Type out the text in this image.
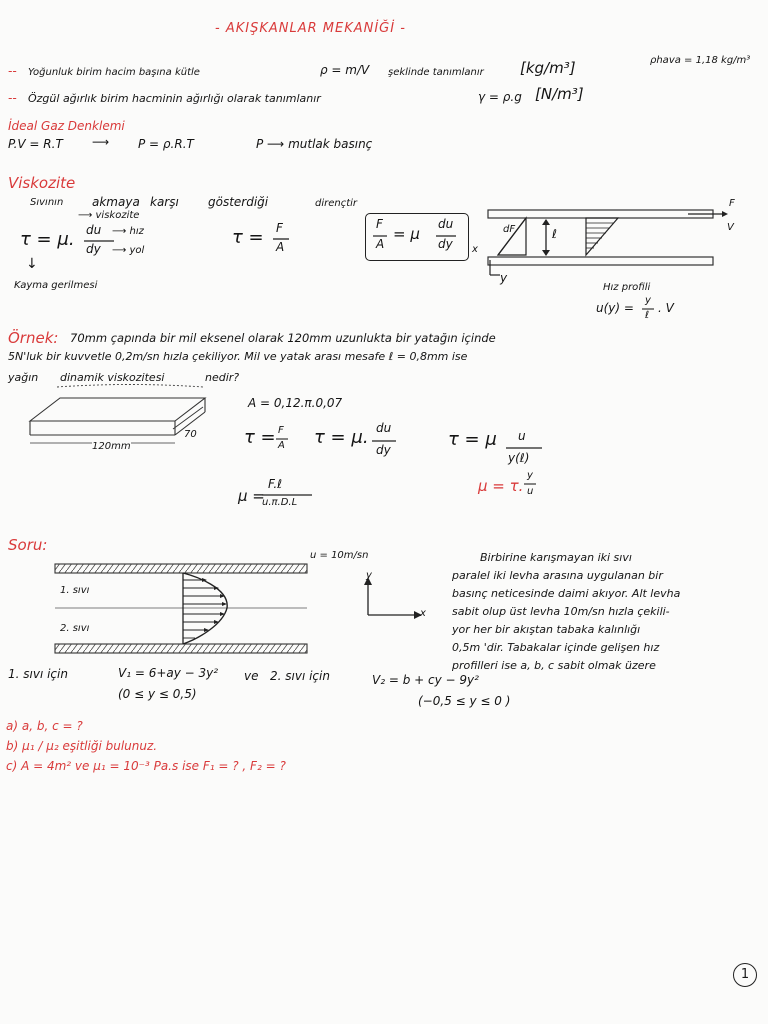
- AKIŞKANLAR MEKANİĞİ -
ρhava = 1,18 kg/m³
-- Yoğunluk birim hacim başına kütle	ρ = m/V şeklinde tanımlanır [kg/m³]
-- Özgül ağırlık birim hacminin ağırlığı olarak tanımlanır	γ = ρ.g [N/m³]
İdeal Gaz Denklemi
P.V = R.T ⟶ P = ρ.R.T	P ⟶ mutlak basınç
Viskozite
Sıvının akmaya karşı gösterdiği	dirençtir
τ = μ. du
dy
⟶ viskozite
⟶ hız
⟶ yol
↓
Kayma gerilmesi
τ = F
A
F
A
= μ
du
dy
dF	ℓ
F
V
x
y
Hız profili
u(y) =
y
ℓ
. V
Örnek: 70mm çapında bir mil eksenel olarak 120mm uzunlukta bir yatağın içinde
5N'luk bir kuvvetle 0,2m/sn hızla çekiliyor. Mil ve yatak arası mesafe ℓ = 0,8mm ise
yağın dinamik viskozitesi	nedir?
120mm
70
A = 0,12.π.0,07
τ = F
A τ = μ. du
dy	τ = μ u
y(ℓ)
μ = τ.
y
u
μ =
F.ℓ
u.π.D.L
Soru:
u = 10m/sn
1. sıvı
2. sıvı
y
x
Birbirine karışmayan iki sıvı
paralel iki levha arasına uygulanan bir
basınç neticesinde daimi akıyor. Alt levha
sabit olup üst levha 10m/sn hızla çekili-
yor her bir akıştan tabaka kalınlığı
0,5m 'dir. Tabakalar içinde gelişen hız
profilleri ise a, b, c sabit olmak üzere
1. sıvı için	V₁ = 6+ay − 3y²
(0 ≤ y ≤ 0,5)
ve 2. sıvı için	V₂ = b + cy − 9y²
(−0,5 ≤ y ≤ 0 )
a) a, b, c = ?
b) μ₁ / μ₂ eşitliği bulunuz.
c) A = 4m² ve μ₁ = 10⁻³ Pa.s ise F₁ = ? , F₂ = ?
1
